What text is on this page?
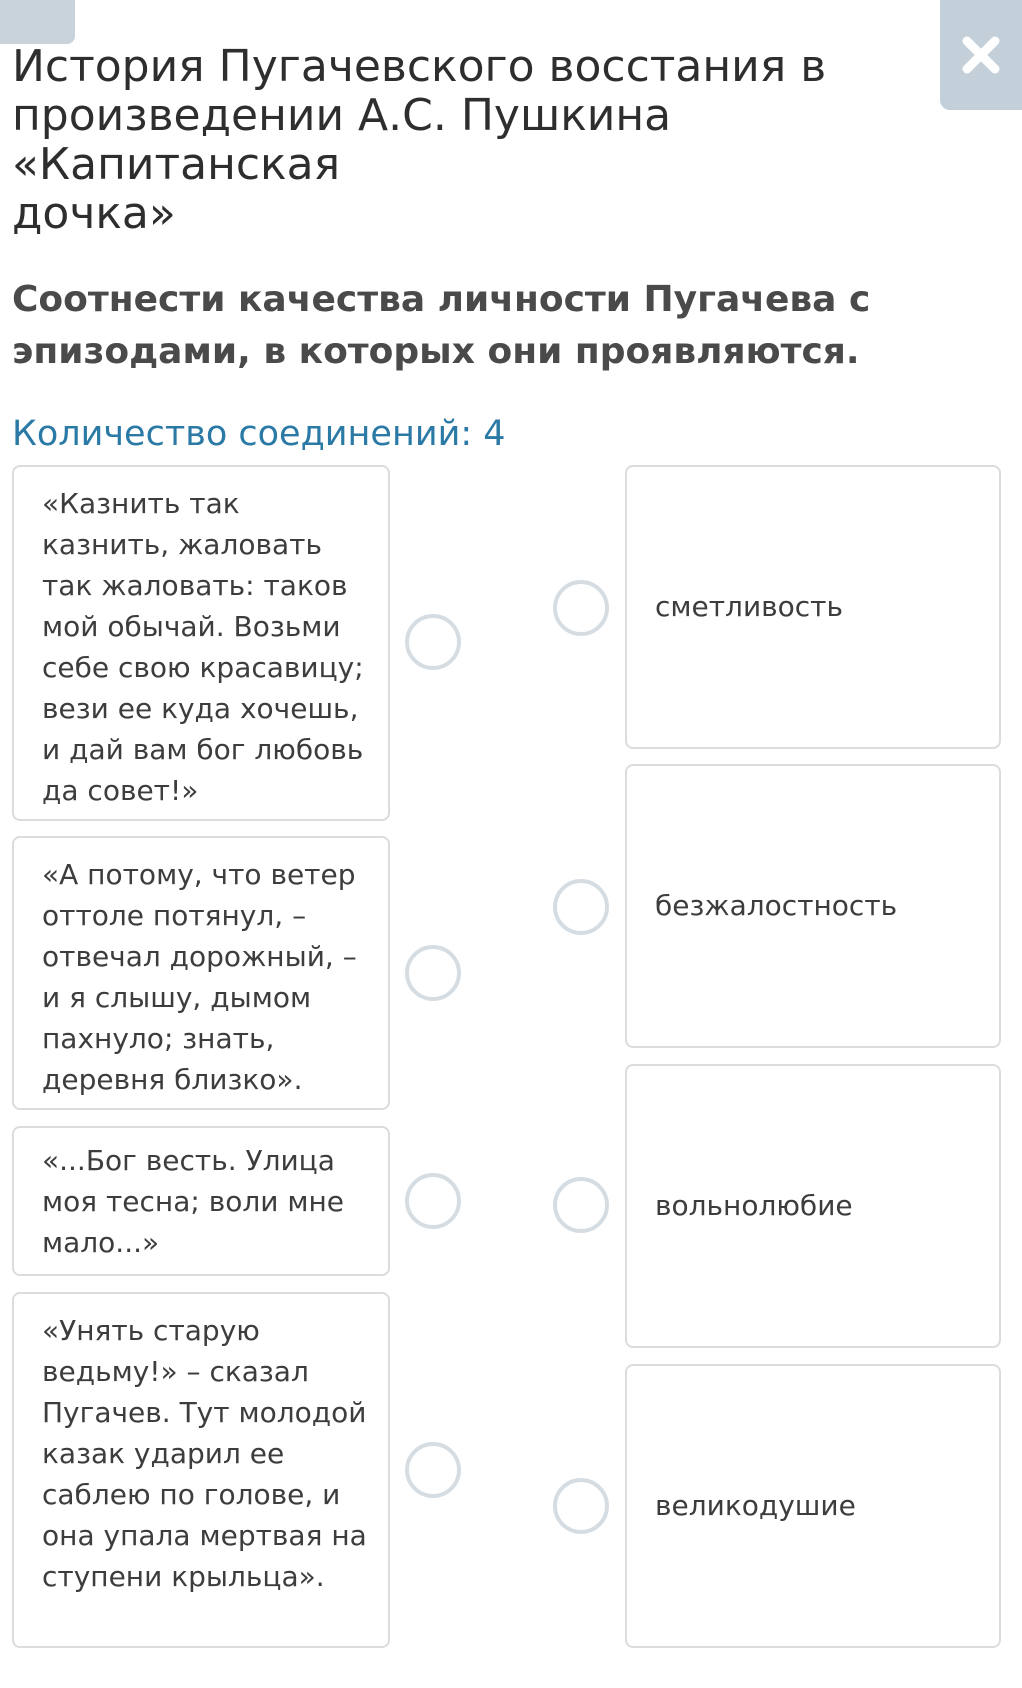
История Пугачевского восстания в
произведении А.С. Пушкина «Капитанская
дочка»
Соотнести качества личности Пугачева с
эпизодами, в которых они проявляются.
Количество соединений: 4
«Казнить так казнить, жаловать так жаловать: таков мой обычай. Возьми себе свою красавицу; вези ее куда хочешь, и дай вам бог любовь да совет!»
«А потому, что ветер оттоле потянул, – отвечал дорожный, – и я слышу, дымом пахнуло; знать, деревня близко».
«...Бог весть. Улица моя тесна; воли мне мало...»
«Унять старую ведьму!» – сказал Пугачев. Тут молодой казак ударил ее саблею по голове, и она упала мертвая на ступени крыльца».
сметливость
безжалостность
вольнолюбие
великодушие
